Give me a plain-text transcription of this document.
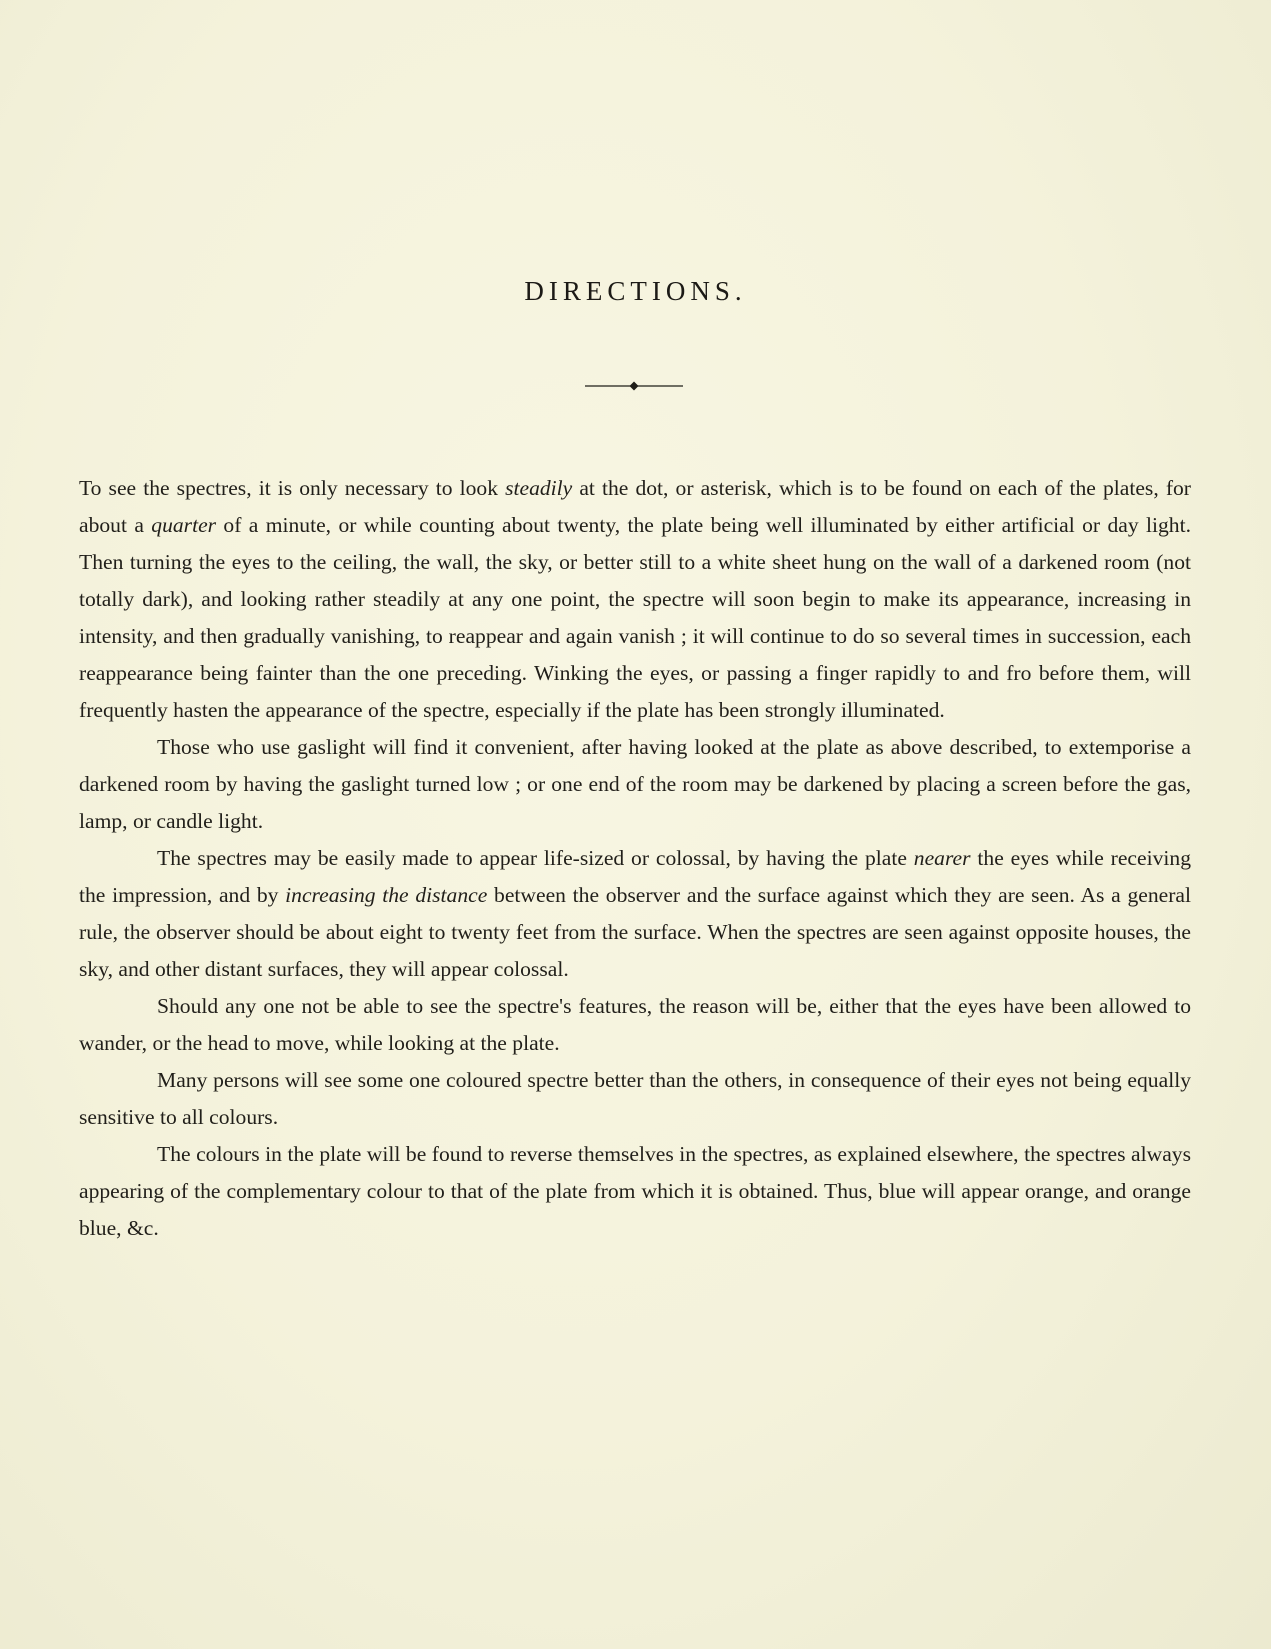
DIRECTIONS.

To see the spectres, it is only necessary to look steadily at the dot, or asterisk, which is to be found on each of the plates, for about a quarter of a minute, or while counting about twenty, the plate being well illuminated by either artificial or day light. Then turning the eyes to the ceiling, the wall, the sky, or better still to a white sheet hung on the wall of a darkened room (not totally dark), and looking rather steadily at any one point, the spectre will soon begin to make its appearance, increasing in intensity, and then gradually vanishing, to reappear and again vanish ; it will continue to do so several times in succession, each reappearance being fainter than the one preceding. Winking the eyes, or passing a finger rapidly to and fro before them, will frequently hasten the appearance of the spectre, especially if the plate has been strongly illuminated.

Those who use gaslight will find it convenient, after having looked at the plate as above described, to extemporise a darkened room by having the gaslight turned low ; or one end of the room may be darkened by placing a screen before the gas, lamp, or candle light.

The spectres may be easily made to appear life-sized or colossal, by having the plate nearer the eyes while receiving the impression, and by increasing the distance between the observer and the surface against which they are seen. As a general rule, the observer should be about eight to twenty feet from the surface. When the spectres are seen against opposite houses, the sky, and other distant surfaces, they will appear colossal.

Should any one not be able to see the spectre's features, the reason will be, either that the eyes have been allowed to wander, or the head to move, while looking at the plate.

Many persons will see some one coloured spectre better than the others, in consequence of their eyes not being equally sensitive to all colours.

The colours in the plate will be found to reverse themselves in the spectres, as explained elsewhere, the spectres always appearing of the complementary colour to that of the plate from which it is obtained. Thus, blue will appear orange, and orange blue, &c.
